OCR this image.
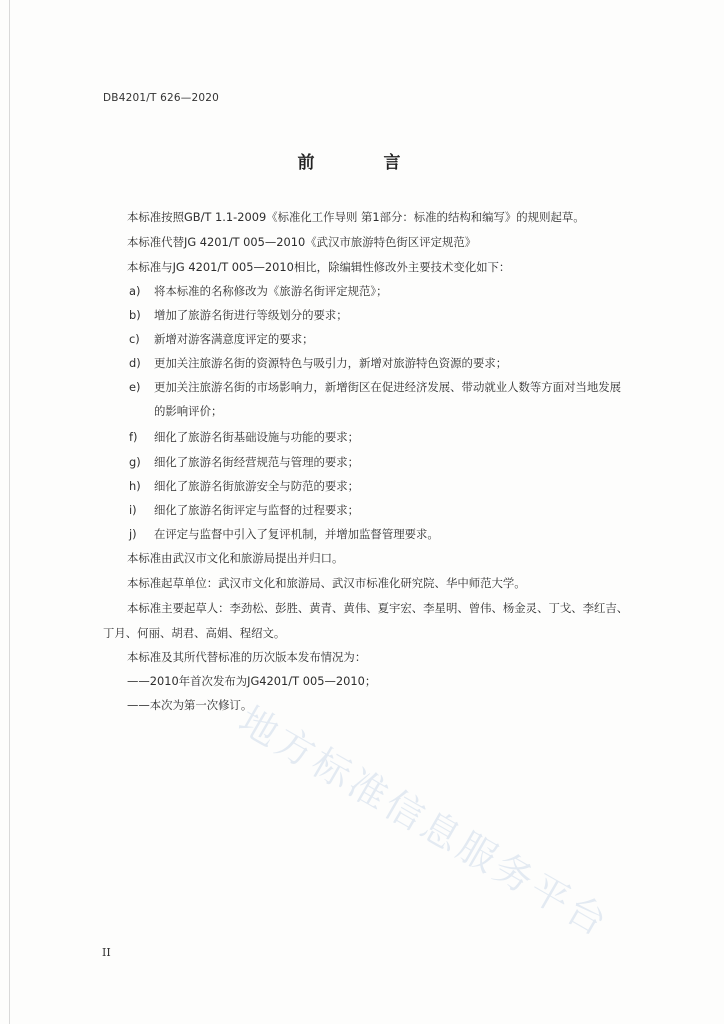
DB4201/T 626—2020
前　言
本标准按照GB/T 1.1-2009《标准化工作导则 第1部分：标准的结构和编写》的规则起草。
本标准代替JG 4201/T 005—2010《武汉市旅游特色街区评定规范》
本标准与JG 4201/T 005—2010相比，除编辑性修改外主要技术变化如下：
a) 将本标准的名称修改为《旅游名街评定规范》；
b) 增加了旅游名街进行等级划分的要求；
c) 新增对游客满意度评定的要求；
d) 更加关注旅游名街的资源特色与吸引力，新增对旅游特色资源的要求；
e) 更加关注旅游名街的市场影响力，新增街区在促进经济发展、带动就业人数等方面对当地发展
的影响评价；
f) 细化了旅游名街基础设施与功能的要求；
g) 细化了旅游名街经营规范与管理的要求；
h) 细化了旅游名街旅游安全与防范的要求；
i) 细化了旅游名街评定与监督的过程要求；
j) 在评定与监督中引入了复评机制，并增加监督管理要求。
本标准由武汉市文化和旅游局提出并归口。
本标准起草单位：武汉市文化和旅游局、武汉市标准化研究院、华中师范大学。
本标准主要起草人：李劲松、彭胜、黄青、黄伟、夏宇宏、李星明、曾伟、杨金灵、丁戈、李红吉、
丁月、何丽、胡君、高娟、程绍文。
本标准及其所代替标准的历次版本发布情况为：
——2010年首次发布为JG4201/T 005—2010；
——本次为第一次修订。
地方标准信息服务平台
II
